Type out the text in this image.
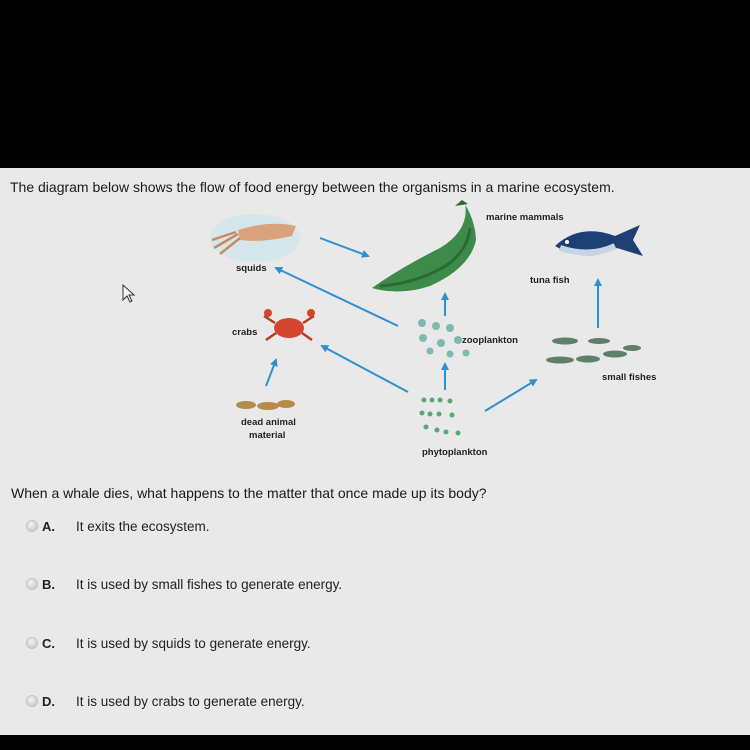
marine mammals
squids
tuna fish
crabs
zooplankton
small fishes
dead animal
material
phytoplankton
The diagram below shows the flow of food energy between the organisms in a marine ecosystem.
When a whale dies, what happens to the matter that once made up its body?
A.	It exits the ecosystem.
B.	It is used by small fishes to generate energy.
C.	It is used by squids to generate energy.
D.	It is used by crabs to generate energy.
